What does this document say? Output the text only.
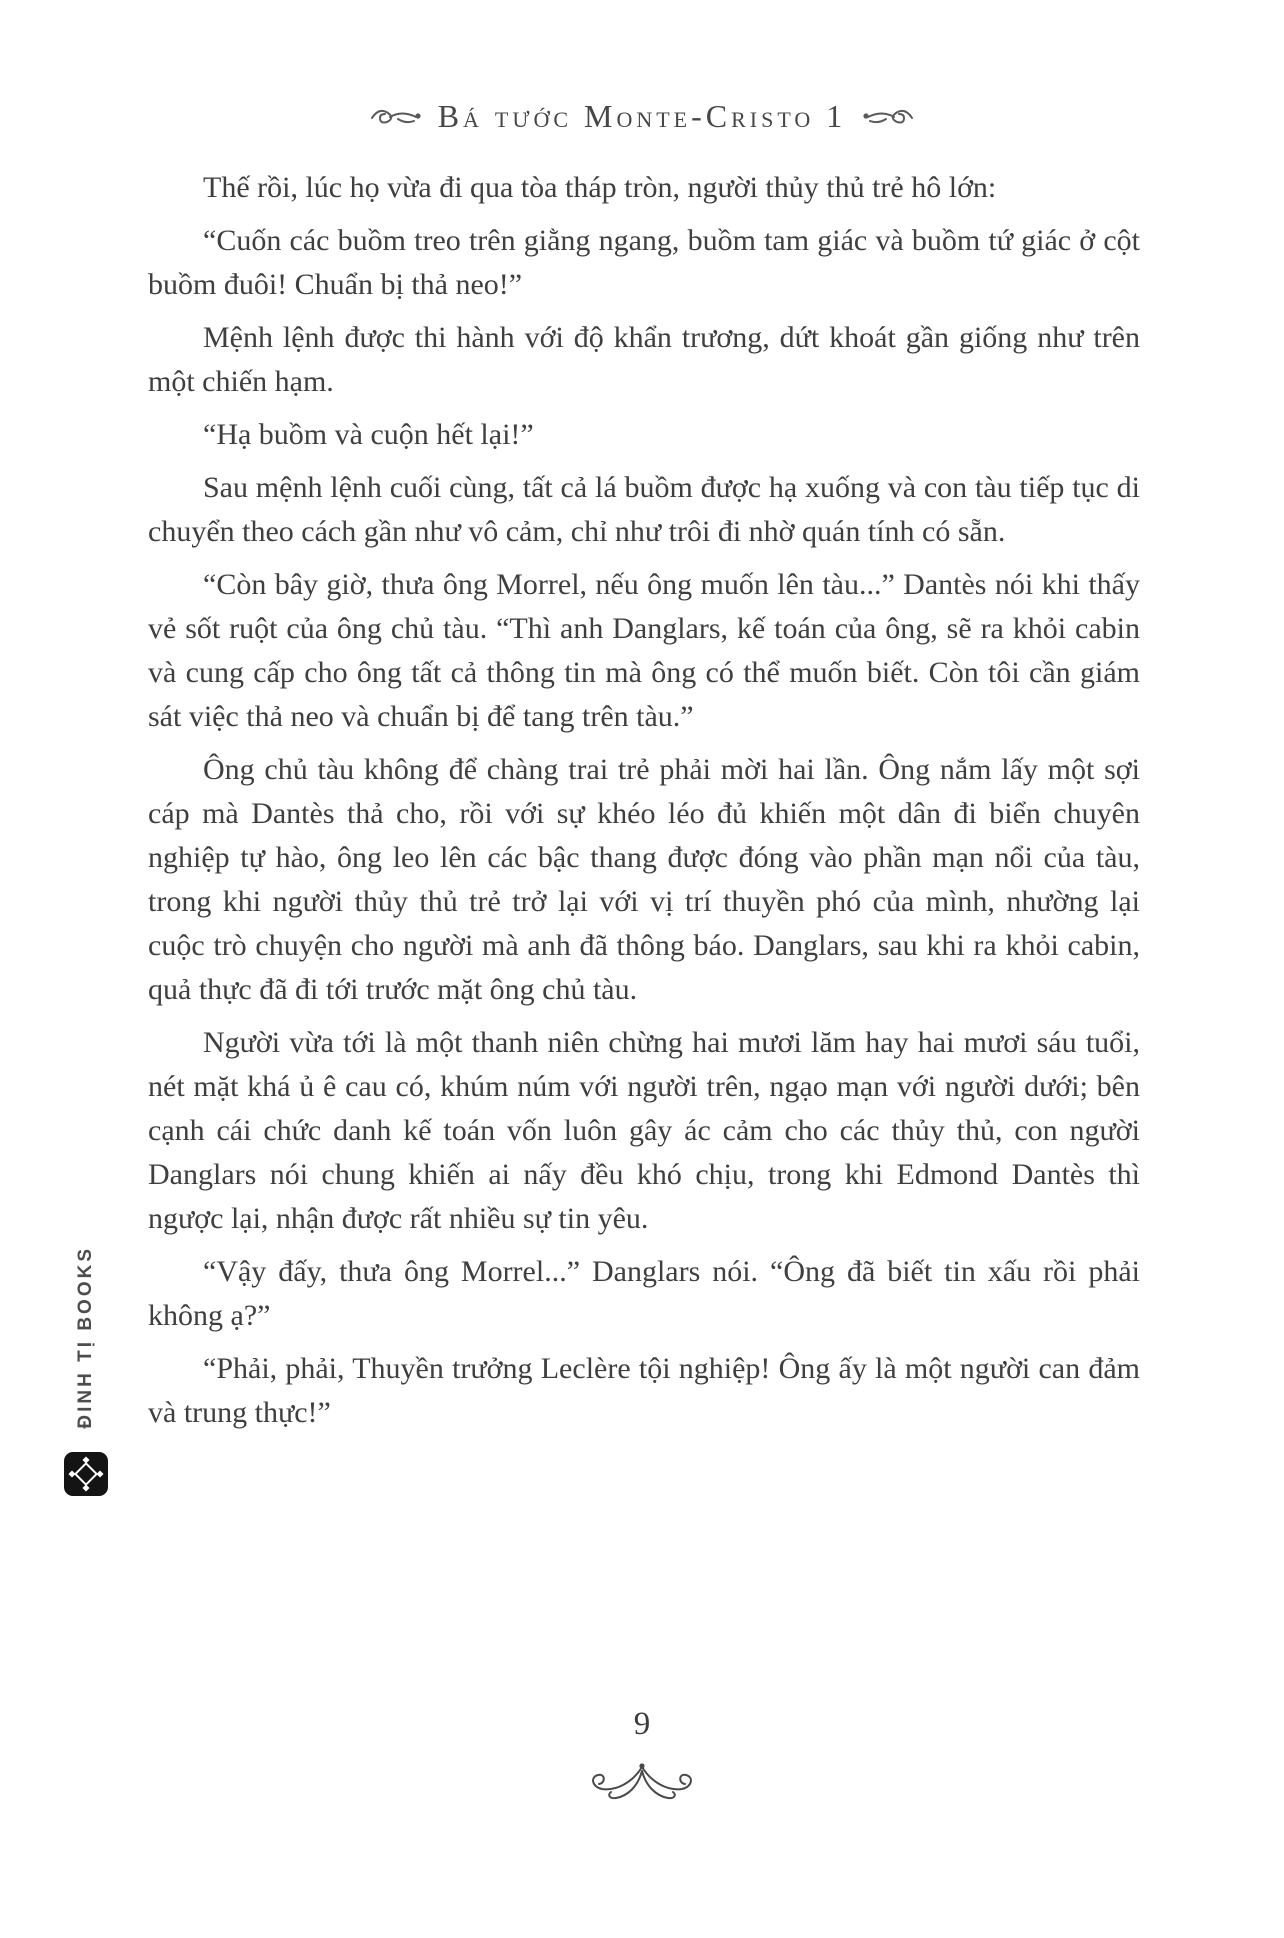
Bá tước Monte-Cristo 1

Thế rồi, lúc họ vừa đi qua tòa tháp tròn, người thủy thủ trẻ hô lớn:

“Cuốn các buồm treo trên giằng ngang, buồm tam giác và buồm tứ giác ở cột buồm đuôi! Chuẩn bị thả neo!”

Mệnh lệnh được thi hành với độ khẩn trương, dứt khoát gần giống như trên một chiến hạm.

“Hạ buồm và cuộn hết lại!”

Sau mệnh lệnh cuối cùng, tất cả lá buồm được hạ xuống và con tàu tiếp tục di chuyển theo cách gần như vô cảm, chỉ như trôi đi nhờ quán tính có sẵn.

“Còn bây giờ, thưa ông Morrel, nếu ông muốn lên tàu...” Dantès nói khi thấy vẻ sốt ruột của ông chủ tàu. “Thì anh Danglars, kế toán của ông, sẽ ra khỏi cabin và cung cấp cho ông tất cả thông tin mà ông có thể muốn biết. Còn tôi cần giám sát việc thả neo và chuẩn bị để tang trên tàu.”

Ông chủ tàu không để chàng trai trẻ phải mời hai lần. Ông nắm lấy một sợi cáp mà Dantès thả cho, rồi với sự khéo léo đủ khiến một dân đi biển chuyên nghiệp tự hào, ông leo lên các bậc thang được đóng vào phần mạn nổi của tàu, trong khi người thủy thủ trẻ trở lại với vị trí thuyền phó của mình, nhường lại cuộc trò chuyện cho người mà anh đã thông báo. Danglars, sau khi ra khỏi cabin, quả thực đã đi tới trước mặt ông chủ tàu.

Người vừa tới là một thanh niên chừng hai mươi lăm hay hai mươi sáu tuổi, nét mặt khá ủ ê cau có, khúm núm với người trên, ngạo mạn với người dưới; bên cạnh cái chức danh kế toán vốn luôn gây ác cảm cho các thủy thủ, con người Danglars nói chung khiến ai nấy đều khó chịu, trong khi Edmond Dantès thì ngược lại, nhận được rất nhiều sự tin yêu.

“Vậy đấy, thưa ông Morrel...” Danglars nói. “Ông đã biết tin xấu rồi phải không ạ?”

“Phải, phải, Thuyền trưởng Leclère tội nghiệp! Ông ấy là một người can đảm và trung thực!”

ĐINH TỊ BOOKS
9
